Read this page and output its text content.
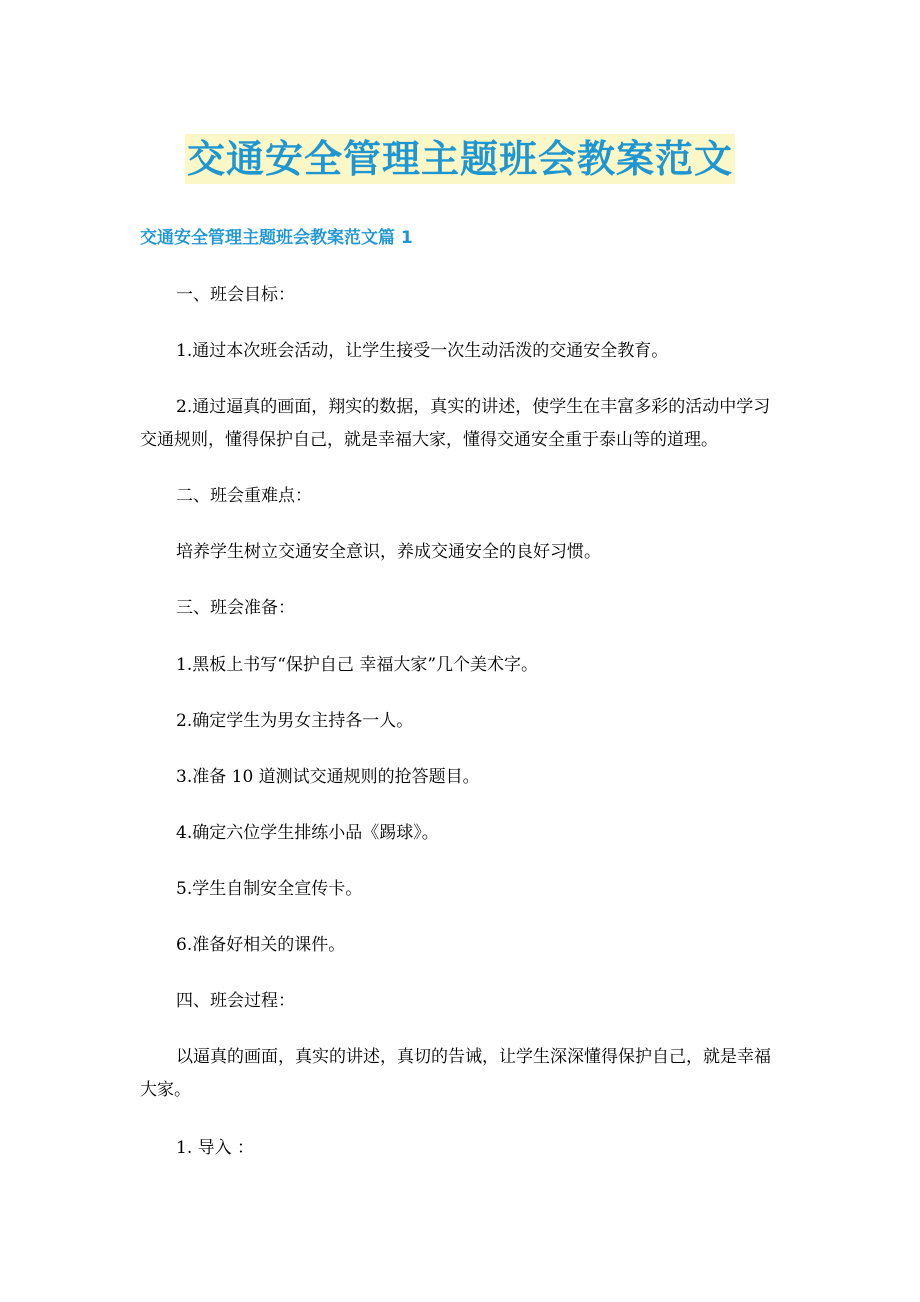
交通安全管理主题班会教案范文
交通安全管理主题班会教案范文篇 1

一、班会目标：

1.通过本次班会活动，让学生接受一次生动活泼的交通安全教育。

2.通过逼真的画面，翔实的数据，真实的讲述，使学生在丰富多彩的活动中学习交通规则，懂得保护自己，就是幸福大家，懂得交通安全重于泰山等的道理。

二、班会重难点：

培养学生树立交通安全意识，养成交通安全的良好习惯。

三、班会准备：

1.黑板上书写“保护自己 幸福大家”几个美术字。

2.确定学生为男女主持各一人。

3.准备 10 道测试交通规则的抢答题目。

4.确定六位学生排练小品《踢球》。

5.学生自制安全宣传卡。

6.准备好相关的课件。

四、班会过程：

以逼真的画面，真实的讲述，真切的告诫，让学生深深懂得保护自己，就是幸福大家。

1. 导入 ：
